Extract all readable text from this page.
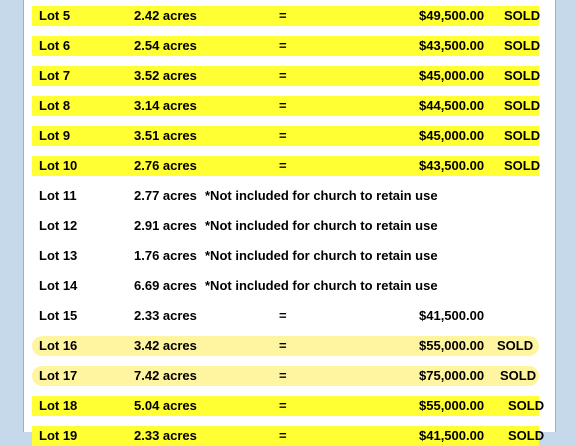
Lot 5	2.42 acres	=	$49,500.00 SOLD
Lot 6	2.54 acres	=	$43,500.00 SOLD
Lot 7	3.52 acres	=	$45,000.00 SOLD
Lot 8	3.14 acres	=	$44,500.00 SOLD
Lot 9	3.51 acres	=	$45,000.00 SOLD
Lot 10	2.76 acres	=	$43,500.00 SOLD
Lot 11	2.77 acres *Not included for church to retain use
Lot 12	2.91 acres *Not included for church to retain use
Lot 13	1.76 acres *Not included for church to retain use
Lot 14	6.69 acres *Not included for church to retain use
Lot 15	2.33 acres	=	$41,500.00
Lot 16	3.42 acres	=	$55,000.00 SOLD
Lot 17	7.42 acres	=	$75,000.00 SOLD
Lot 18	5.04 acres	=	$55,000.00 SOLD
Lot 19	2.33 acres	=	$41,500.00 SOLD
